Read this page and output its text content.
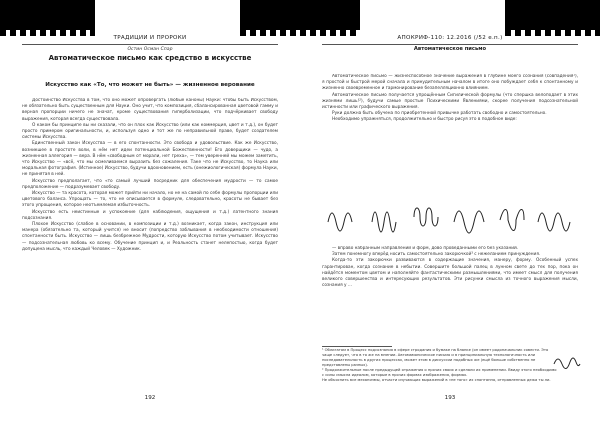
ТРАДИЦИИ И ПРОРОКИ
Остин Осман Спар
Автоматическое письмо как средство в искусстве
Искусство как «То, что может не быть» — жизненное верование

Достоинство Искусства в том, что оно может опровергать (любые каноны) Науки: чтобы быть Искусством, не обязательно быть существенным для Науки. Оно учит, что композиция, сбалансированная цветовой гамму и верная пропорции ничего не значат, кроме существования гиперболизации, что подчёркивает свободу выражения, которая всегда существовала.

О каком бы принципе вы ни сказали, что он плох как Искусство (или как коммерция, цвет и т.д.), он будет просто примером оригинальности, и, используя одно и тот же по неправильной праве, будет создателем системы Искусства.

Единственный закон Искусства — в его спонтанности. Это свобода и удовольствие. Как же Искусство, возникшее в простоте воли, в нём нет идеи потенциальной Божественности! Его доверщики — чудо, а жизненная аллегория — вера. В нём «свободным от морали, нет греха», — тем уверенней мы можем заметить, что Искусство — «всё, что мы осмеливаемся выразить без сожаления. Таке что не Искусство, то Наука или модальная фотография. (Истинное) Искусство, будучи вдохновением, есть (онежиологическая) формула Науки, не принятая в ней.

Искусство предполагает, что «то самый лучший посредник для обеспечения мудрости — то самое предположение — подразумевает свободу.

Искусство — та красота, которая может прийти ни начало, но не на самой по себе формулы пропорции или цветового баланса. Упрощать — то, что не описывается в формуле, следовательно, красоты не бывает без этого упрощения, которое неотъемлемая избыточность.

Искусство есть неистинные и успокоение (для наблюдения, ощущения и т.д.) латентного знания подсознания.

Плохое Искусство (слабое в основании, в композиции и т.д.) возникает, когда закон, инструкция или манера (обязательно та, который учится) не вносит (попредство заблывания в необходимости отношения) спонтанности быть. Искусство — лишь безбрежное Мудрости, которую Искусство потом учитывает. Искусство — подсознательная любовь ко всему. Обучение принцип и, и Реальность станет нелепостью, когда будет допущена мысль, что каждый Человек — Художник.

192
АПОКРИФ-110: 12.2016 (/52 е.п.)
Автоматическое письмо

Автоматическое письмо — жизнеспособное значение выражения в глубине моего сознания (совпадения¹), я простой и быстрой мерой сначала и принудительным началом в итоге оно побуждает себя к спонтанному и жизненно своевременное и гармонирование безапелляционно влиянием.

Автоматическое письмо получается упрощённым Сигилической формулы (что спершка велоподает в этих жизнями лишь!²), будучи самые простые Психическими Явлениями, скорее получения подсознательной истинности или графического выражения.

Руки должна быть обучена по приобретенной привычке работать свободно и самостоятельно.

Необходимо упражняться, продолжительно и быстро рисуя это в подобное виде:

— вправо набранным направлений и форм, дово проведанными его без указаний.

Затем понемногу вперёд носить самостоятельно закорючкой³ с нежеланием принуждения.

Когда-то эти закорючки развиваются в содержащие значения, манеру, форму. Особенный успех гарантирован, когда сознание в небытии. Совершите большой палец в лунном свете до тех пор, пока он найдётся моментом цветом и наполняйте фантастическими размышлениями, что имеет смысл для получения великого совершенства и интересующих результатов. Эти рисунки смысла из точного выражения мысли, сознания у ...

¹ Облигатом в Процесс подсознания в сфере стродания и бумаке на бланке (он имеет родоначальник совести. Это чаще следует, что в то же на мнении. Автомамоническое письмо и в принципиальную технологичность или последовательность в других процессах, может этом в дискуссии подобных же (ещё больше собственно не представлены разных).

² Продолжительные после предыдущей отражения о прочих своих и сделали их применении. Ввиду этого необходимо с силы смысла идеалом, которые в прочих формах изображения, формах.

Не объяснить все механизмы, отчасти изучающих выражений в «не того» их спонтанно, отправленных дежа ты ли.

193
